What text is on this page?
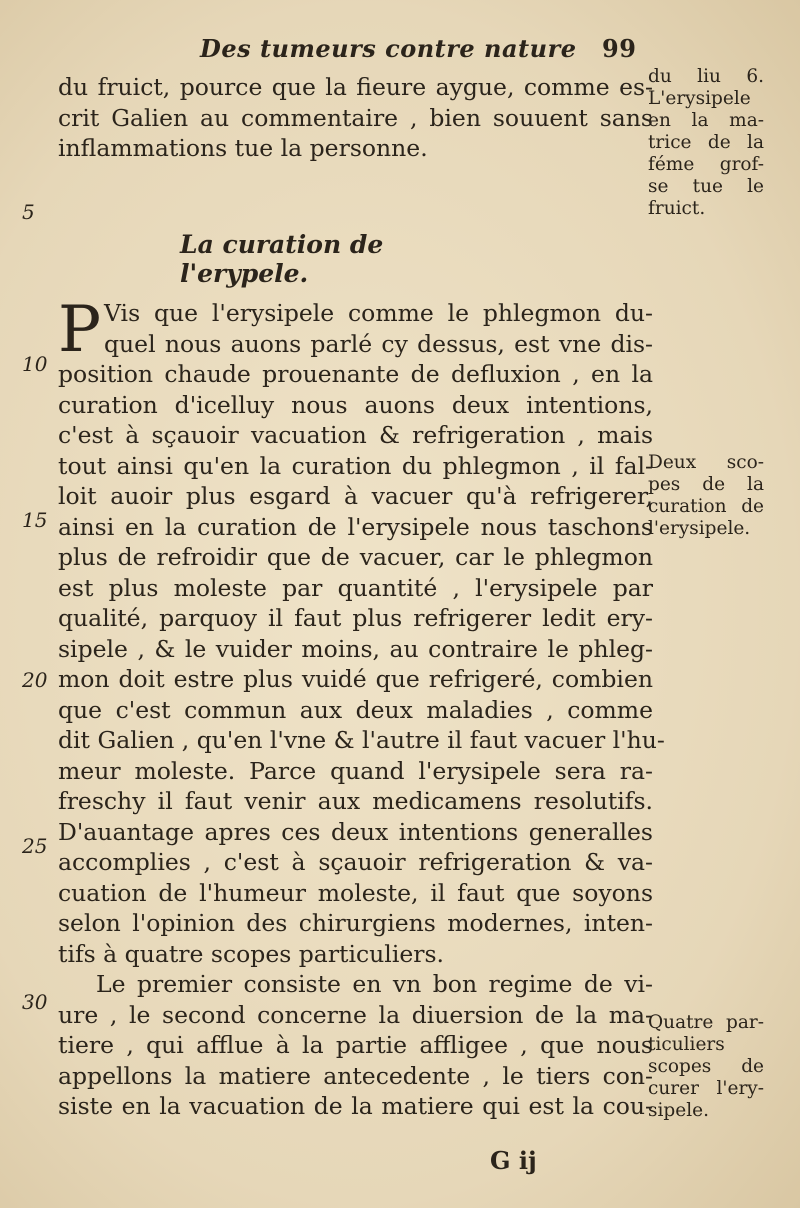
Des tumeurs contre nature 99
du fruict, pource que la fieure aygue, comme es-
crit Galien au commentaire , bien souuent sans
inflammations tue la personne.
du liu 6.
L'erysipele
en la ma-
trice de la
féme grof-
se tue le
fruict.
5
La curation de l'erypele.
P Vis que l'erysipele comme le phlegmon du-
quel nous auons parlé cy dessus, est vne dis-
position chaude prouenante de defluxion , en la
curation d'icelluy nous auons deux intentions,
c'est à sçauoir vacuation & refrigeration , mais
tout ainsi qu'en la curation du phlegmon , il fal-
loit auoir plus esgard à vacuer qu'à refrigerer,
ainsi en la curation de l'erysipele nous taschons
plus de refroidir que de vacuer, car le phlegmon
est plus moleste par quantité , l'erysipele par
qualité, parquoy il faut plus refrigerer ledit ery-
sipele , & le vuider moins, au contraire le phleg-
mon doit estre plus vuidé que refrigeré, combien
que c'est commun aux deux maladies , comme
dit Galien , qu'en l'vne & l'autre il faut vacuer l'hu-
meur moleste. Parce quand l'erysipele sera ra-
freschy il faut venir aux medicamens resolutifs.
D'auantage apres ces deux intentions generalles
accomplies , c'est à sçauoir refrigeration & va-
cuation de l'humeur moleste, il faut que soyons
selon l'opinion des chirurgiens modernes, inten-
tifs à quatre scopes particuliers.
Le premier consiste en vn bon regime de vi-
ure , le second concerne la diuersion de la ma-
tiere , qui afflue à la partie affligee , que nous
appellons la matiere antecedente , le tiers con-
siste en la vacuation de la matiere qui est la cou-
10
15
20
25
30
Deux sco-
pes de la
curation de
l'erysipele.
Quatre par-
ticuliers
scopes de
curer l'ery-
sipele.
G ij
